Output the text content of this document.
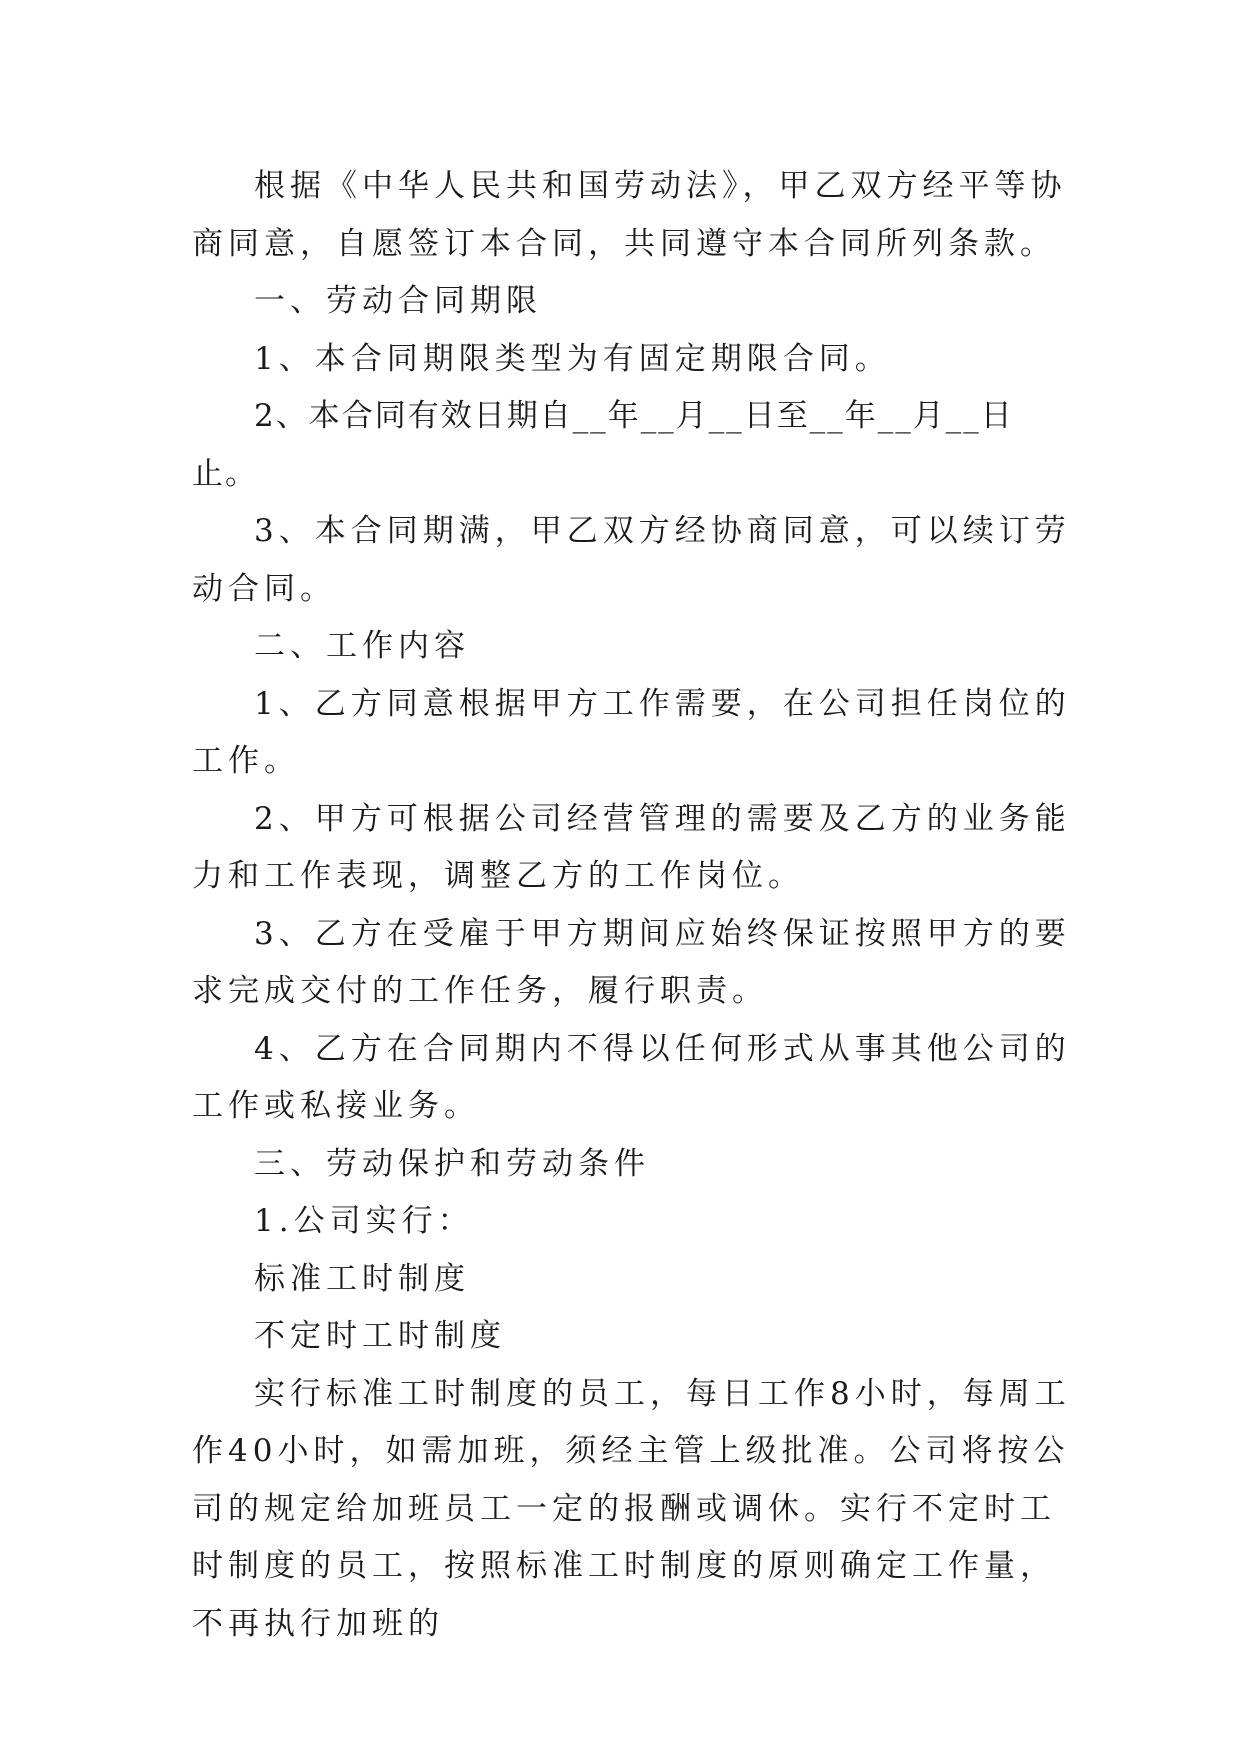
根据《中华人民共和国劳动法》，甲乙双方经平等协商同意，自愿签订本合同，共同遵守本合同所列条款。

一、劳动合同期限

1、本合同期限类型为有固定期限合同。

2、本合同有效日期自__年__月__日至__年__月__日止。

3、本合同期满，甲乙双方经协商同意，可以续订劳动合同。

二、工作内容

1、乙方同意根据甲方工作需要，在公司担任岗位的工作。

2、甲方可根据公司经营管理的需要及乙方的业务能力和工作表现，调整乙方的工作岗位。

3、乙方在受雇于甲方期间应始终保证按照甲方的要求完成交付的工作任务，履行职责。

4、乙方在合同期内不得以任何形式从事其他公司的工作或私接业务。

三、劳动保护和劳动条件

1.公司实行：

标准工时制度

不定时工时制度

实行标准工时制度的员工，每日工作8小时，每周工作40小时，如需加班，须经主管上级批准。公司将按公司的规定给加班员工一定的报酬或调休。实行不定时工时制度的员工，按照标准工时制度的原则确定工作量，不再执行加班的
